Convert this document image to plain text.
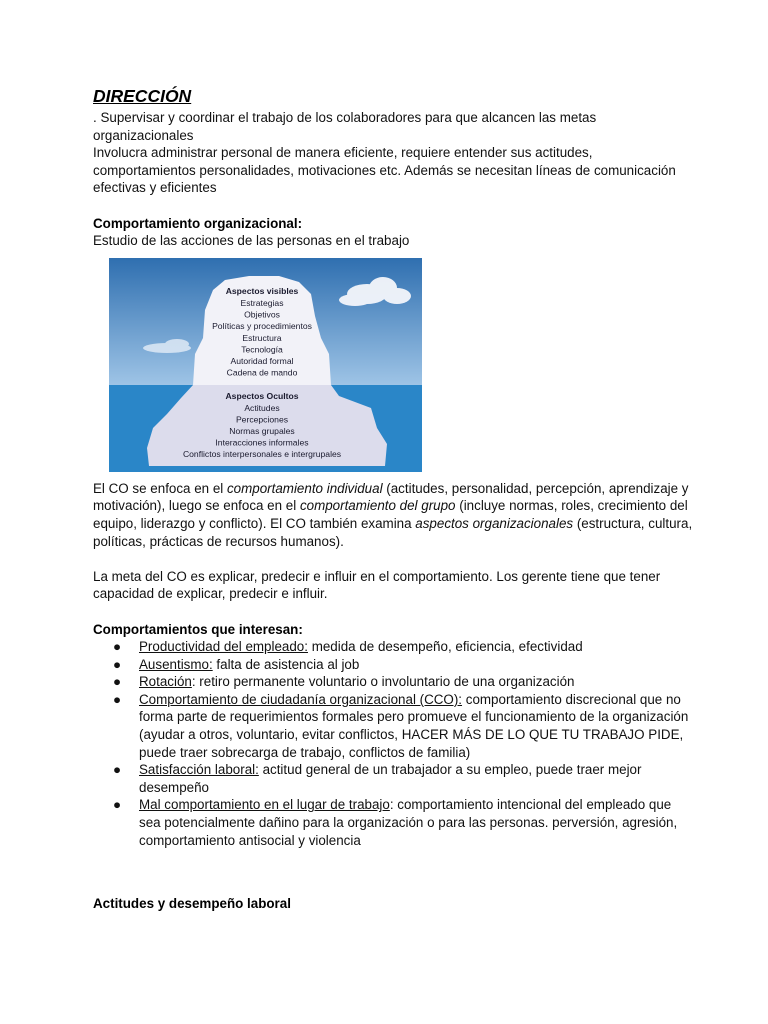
DIRECCIÓN

. Supervisar y coordinar el trabajo de los colaboradores para que alcancen las metas organizacionales

Involucra administrar personal de manera eficiente, requiere entender sus actitudes, comportamientos personalidades, motivaciones etc. Además se necesitan líneas de comunicación efectivas y eficientes

Comportamiento organizacional:

Estudio de las acciones de las personas en el trabajo

Aspectos visibles
Estrategias
Objetivos
Políticas y procedimientos
Estructura
Tecnología
Autoridad formal
Cadena de mando
Aspectos Ocultos
Actitudes
Percepciones
Normas grupales
Interacciones informales
Conflictos interpersonales e intergrupales

El CO se enfoca en el comportamiento individual (actitudes, personalidad, percepción, aprendizaje y motivación), luego se enfoca en el comportamiento del grupo (incluye normas, roles, crecimiento del equipo, liderazgo y conflicto). El CO también examina aspectos organizacionales (estructura, cultura, políticas, prácticas de recursos humanos).

La meta del CO es explicar, predecir e influir en el comportamiento. Los gerente tiene que tener capacidad de explicar, predecir e influir.

Comportamientos que interesan:

● Productividad del empleado: medida de desempeño, eficiencia, efectividad
● Ausentismo: falta de asistencia al job
● Rotación: retiro permanente voluntario o involuntario de una organización
● Comportamiento de ciudadanía organizacional (CCO): comportamiento discrecional que no forma parte de requerimientos formales pero promueve el funcionamiento de la organización (ayudar a otros, voluntario, evitar conflictos, HACER MÁS DE LO QUE TU TRABAJO PIDE, puede traer sobrecarga de trabajo, conflictos de familia)
● Satisfacción laboral: actitud general de un trabajador a su empleo, puede traer mejor desempeño
● Mal comportamiento en el lugar de trabajo: comportamiento intencional del empleado que sea potencialmente dañino para la organización o para las personas. perversión, agresión, comportamiento antisocial y violencia

Actitudes y desempeño laboral
